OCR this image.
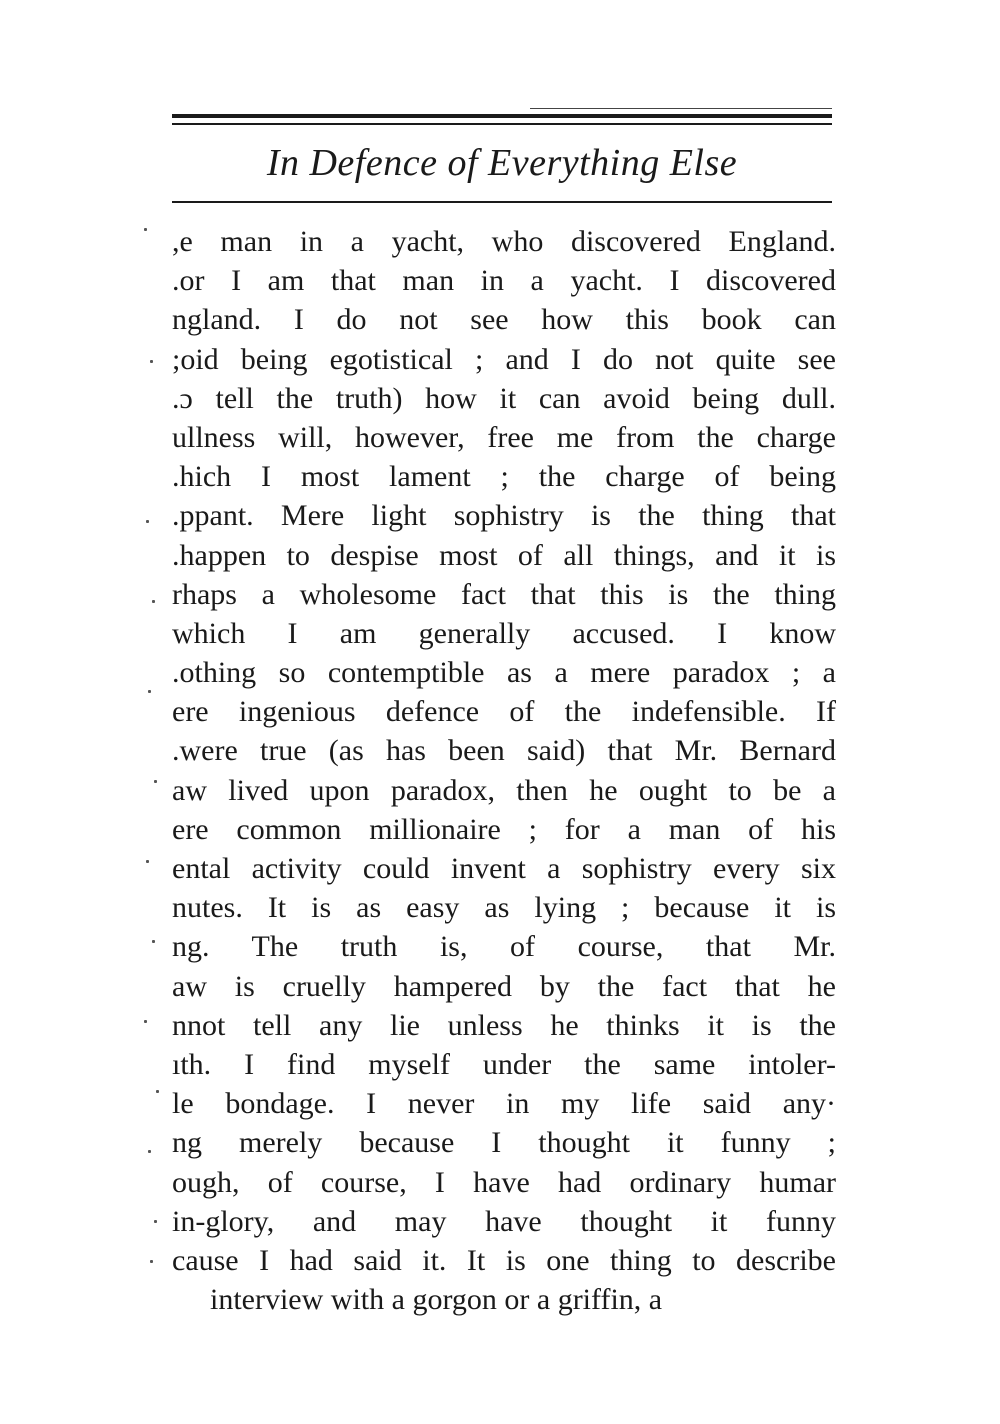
In Defence of Everything Else
,e man in a yacht, who discovered England.
.or I am that man in a yacht. I discovered
ngland. I do not see how this book can
;oid being egotistical ; and I do not quite see
.ɔ tell the truth) how it can avoid being dull.
ullness will, however, free me from the charge
.hich I most lament ; the charge of being
.ppant. Mere light sophistry is the thing that
.happen to despise most of all things, and it is
rhaps a wholesome fact that this is the thing
which I am generally accused. I know
.othing so contemptible as a mere paradox ; a
ere ingenious defence of the indefensible. If
.were true (as has been said) that Mr. Bernard
aw lived upon paradox, then he ought to be a
ere common millionaire ; for a man of his
ental activity could invent a sophistry every six
nutes. It is as easy as lying ; because it is
ng. The truth is, of course, that Mr.
aw is cruelly hampered by the fact that he
nnot tell any lie unless he thinks it is the
ıth. I find myself under the same intoler-
le bondage. I never in my life said any·
ng merely because I thought it funny ;
ough, of course, I have had ordinary humar
in-glory, and may have thought it funny
cause I had said it. It is one thing to describe
interview with a gorgon or a griffin, a
